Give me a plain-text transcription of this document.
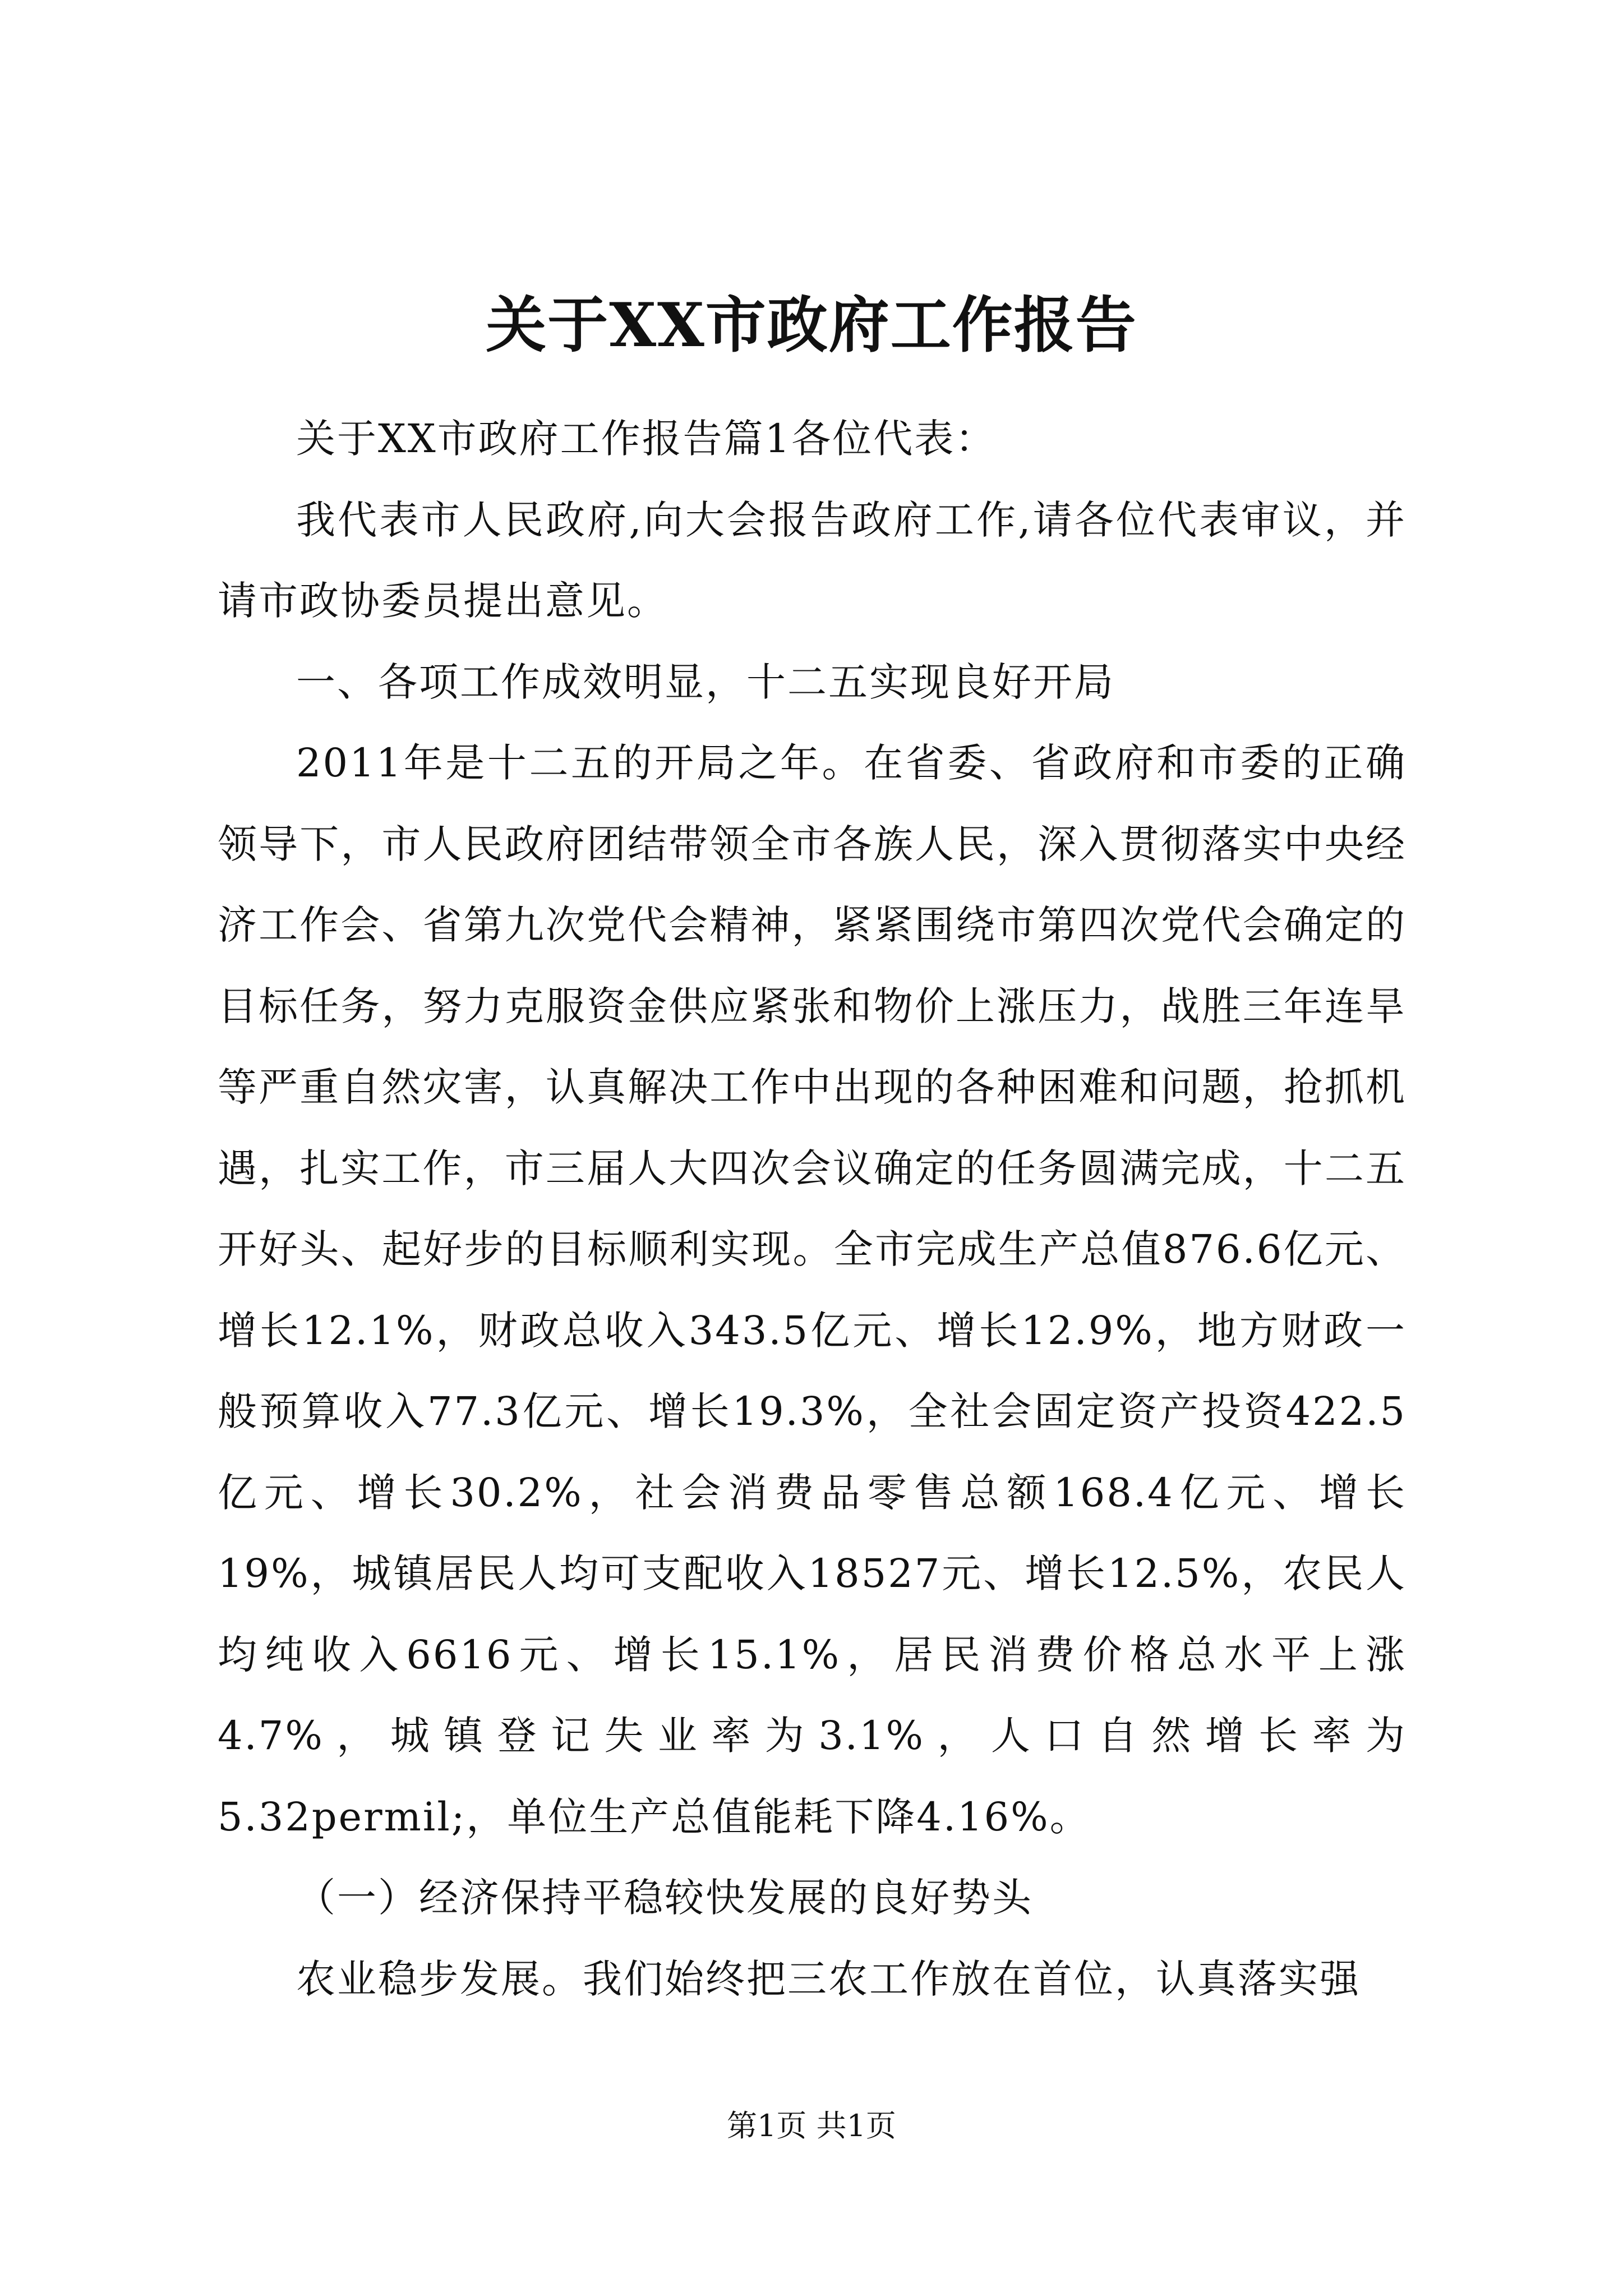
关于XX市政府工作报告

关于XX市政府工作报告篇1各位代表：

我代表市人民政府,向大会报告政府工作,请各位代表审议，并请市政协委员提出意见。

一、各项工作成效明显，十二五实现良好开局

2011年是十二五的开局之年。在省委、省政府和市委的正确领导下，市人民政府团结带领全市各族人民，深入贯彻落实中央经济工作会、省第九次党代会精神，紧紧围绕市第四次党代会确定的目标任务，努力克服资金供应紧张和物价上涨压力，战胜三年连旱等严重自然灾害，认真解决工作中出现的各种困难和问题，抢抓机遇，扎实工作，市三届人大四次会议确定的任务圆满完成，十二五开好头、起好步的目标顺利实现。全市完成生产总值876.6亿元、增长12.1%，财政总收入343.5亿元、增长12.9%，地方财政一般预算收入77.3亿元、增长19.3%，全社会固定资产投资422.5亿元、增长30.2%，社会消费品零售总额168.4亿元、增长19%，城镇居民人均可支配收入18527元、增长12.5%，农民人均纯收入6616元、增长15.1%，居民消费价格总水平上涨4.7%，城镇登记失业率为3.1%，人口自然增长率为5.32permil;，单位生产总值能耗下降4.16%。

（一）经济保持平稳较快发展的良好势头

农业稳步发展。我们始终把三农工作放在首位，认真落实强

第1页 共1页
